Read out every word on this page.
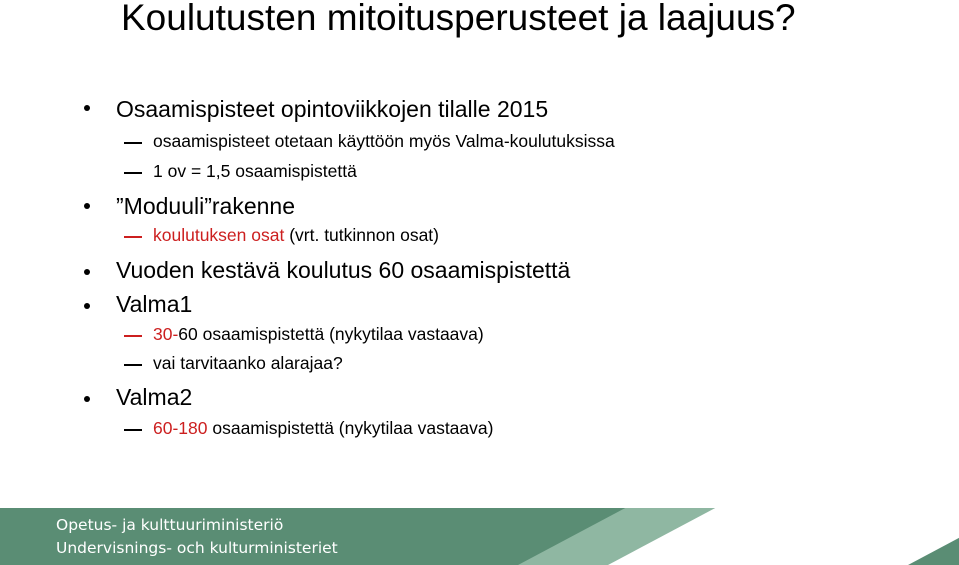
Koulutusten mitoitusperusteet ja laajuus?
Osaamispisteet opintoviikkojen tilalle 2015
osaamispisteet otetaan käyttöön myös Valma-koulutuksissa
1 ov = 1,5 osaamispistettä
”Moduuli”rakenne
koulutuksen osat (vrt. tutkinnon osat)
Vuoden kestävä koulutus 60 osaamispistettä
Valma1
30-60 osaamispistettä (nykytilaa vastaava)
vai tarvitaanko alarajaa?
Valma2
60-180 osaamispistettä (nykytilaa vastaava)
Opetus- ja kulttuuriministeriö
Undervisnings- och kulturministeriet
